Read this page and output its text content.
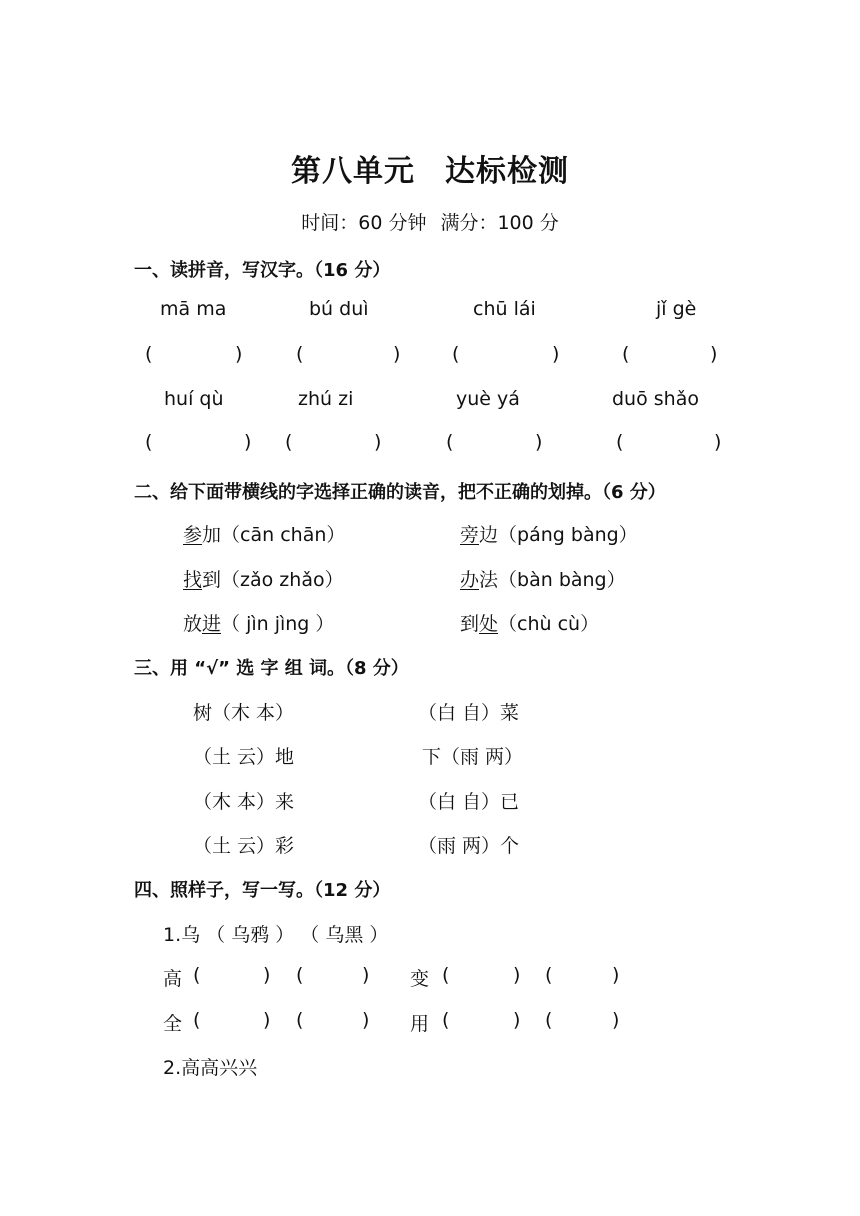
第八单元 达标检测
时间：60 分钟 满分：100 分
一、读拼音，写汉字。（16 分）
mā ma	bú duì	chū lái	jǐ gè
(	)	(	)	(	)	(	)
huí qù	zhú zi	yuè yá	duō shǎo
(	) (	)	(	)	(	)
二、给下面带横线的字选择正确的读音，把不正确的划掉。（6 分）
参加（cān chān）	旁边（páng bàng）
找到（zǎo zhǎo）	办法（bàn bàng）
放进（ jìn jìng ）	到处（chù cù）
三、用 “√” 选 字 组 词。（8 分）
树（木 本）	（白 自）菜
（土 云）地	下（雨 两）
（木 本）来	（白 自）已
（土 云）彩	（雨 两）个
四、照样子，写一写。（12 分）
1.乌 （ 乌鸦 ） （ 乌黑 ）
高 (	) (	) 变 (	) (	)
全 (	) (	) 用 (	) (	)
2.高高兴兴
